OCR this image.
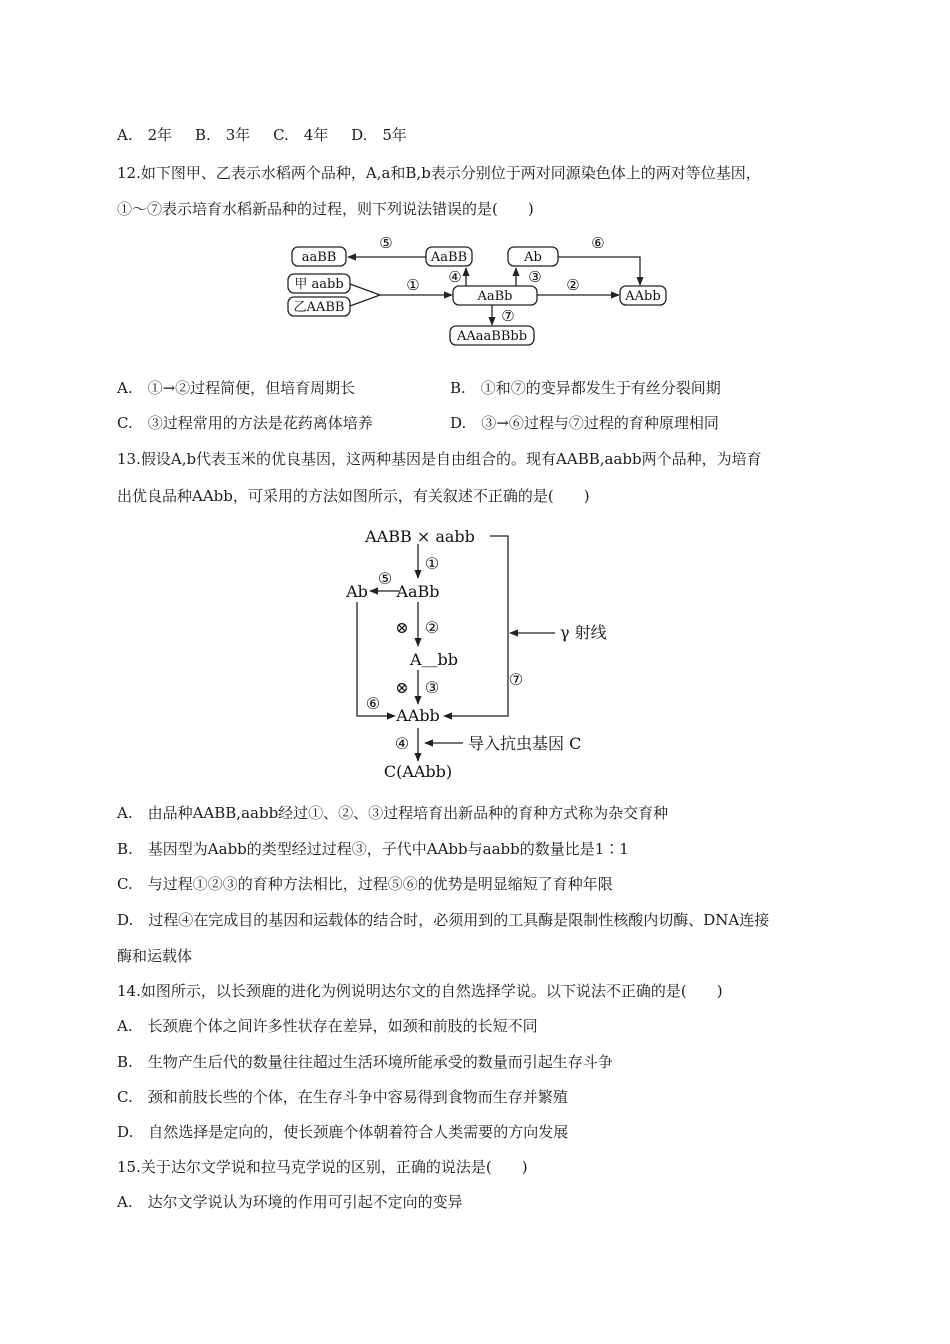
A.　2年 B.　3年 C.　4年 D.　5年
12.如下图甲、乙表示水稻两个品种，A,a和B,b表示分别位于两对同源染色体上的两对等位基因，
①～⑦表示培育水稻新品种的过程，则下列说法错误的是(　　)
aaBB
甲 aabb
乙AABB
AaBB
AaBb
Ab
AAbb
AAaaBBbb
⑤
① ④	③ ②
⑥
⑦
A.　①→②过程简便，但培育周期长	B.　①和⑦的变异都发生于有丝分裂间期
C.　③过程常用的方法是花药离体培养	D.　③→⑥过程与⑦过程的育种原理相同
13.假设A,b代表玉米的优良基因，这两种基因是自由组合的。现有AABB,aabb两个品种，为培育
出优良品种AAbb，可采用的方法如图所示，有关叙述不正确的是(　　)
AABB × aabb
AaBb
Ab
A＿bb
AAbb
C(AAbb)
γ 射线
导入抗虫基因 C
①
⑤
⊗ ②
⊗ ③
⑥
⑦
④
A.　由品种AABB,aabb经过①、②、③过程培育出新品种的育种方式称为杂交育种
B.　基因型为Aabb的类型经过过程③，子代中AAbb与aabb的数量比是1∶1
C.　与过程①②③的育种方法相比，过程⑤⑥的优势是明显缩短了育种年限
D.　过程④在完成目的基因和运载体的结合时，必须用到的工具酶是限制性核酸内切酶、DNA连接
酶和运载体
14.如图所示，以长颈鹿的进化为例说明达尔文的自然选择学说。以下说法不正确的是(　　)
A.　长颈鹿个体之间许多性状存在差异，如颈和前肢的长短不同
B.　生物产生后代的数量往往超过生活环境所能承受的数量而引起生存斗争
C.　颈和前肢长些的个体，在生存斗争中容易得到食物而生存并繁殖
D.　自然选择是定向的，使长颈鹿个体朝着符合人类需要的方向发展
15.关于达尔文学说和拉马克学说的区别，正确的说法是(　　)
A.　达尔文学说认为环境的作用可引起不定向的变异
